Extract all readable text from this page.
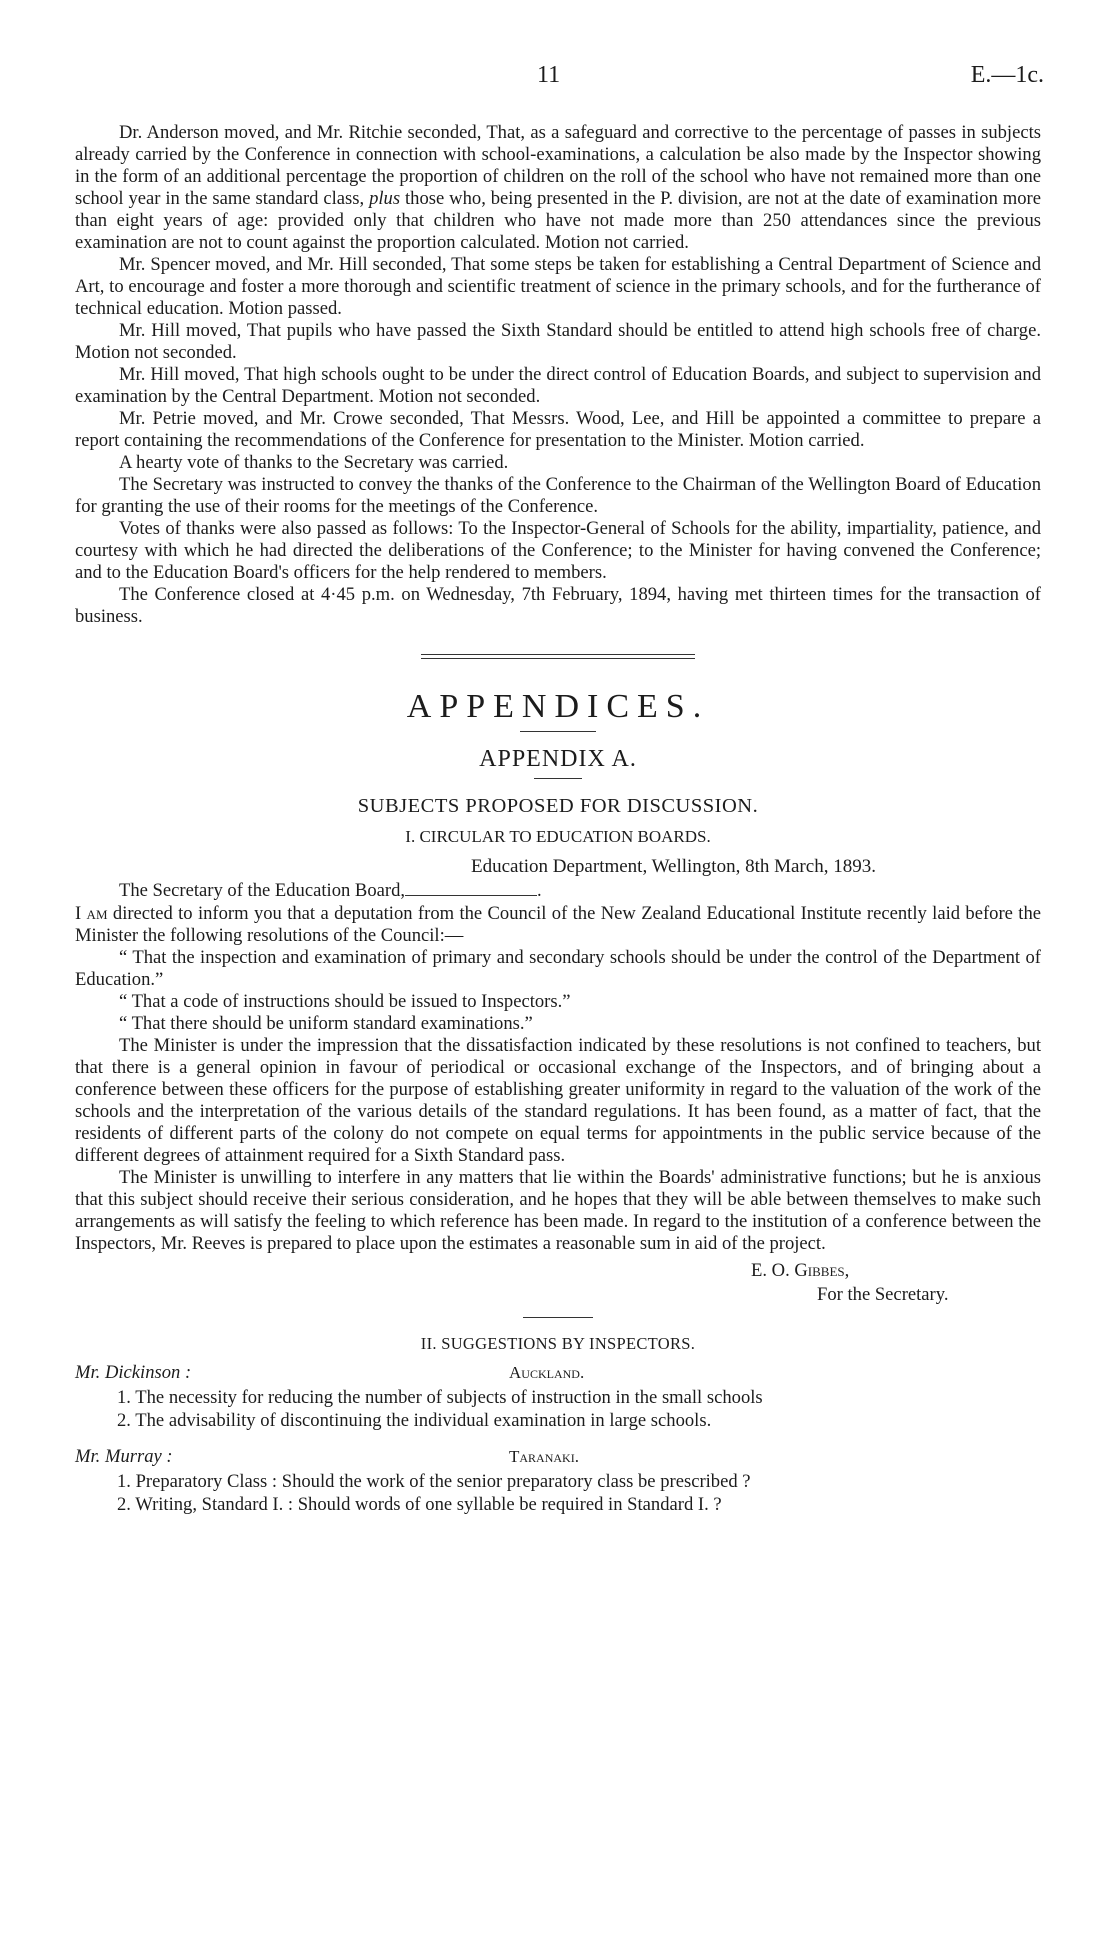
11	E.—1c.

Dr. Anderson moved, and Mr. Ritchie seconded, That, as a safeguard and corrective to the percentage of passes in subjects already carried by the Conference in connection with school-examinations, a calculation be also made by the Inspector showing in the form of an additional percentage the proportion of children on the roll of the school who have not remained more than one school year in the same standard class, plus those who, being presented in the P. division, are not at the date of examination more than eight years of age: provided only that children who have not made more than 250 attendances since the previous examination are not to count against the proportion calculated. Motion not carried.

Mr. Spencer moved, and Mr. Hill seconded, That some steps be taken for establishing a Central Department of Science and Art, to encourage and foster a more thorough and scientific treatment of science in the primary schools, and for the furtherance of technical education. Motion passed.

Mr. Hill moved, That pupils who have passed the Sixth Standard should be entitled to attend high schools free of charge. Motion not seconded.

Mr. Hill moved, That high schools ought to be under the direct control of Education Boards, and subject to supervision and examination by the Central Department. Motion not seconded.

Mr. Petrie moved, and Mr. Crowe seconded, That Messrs. Wood, Lee, and Hill be appointed a committee to prepare a report containing the recommendations of the Conference for presentation to the Minister. Motion carried.

A hearty vote of thanks to the Secretary was carried.

The Secretary was instructed to convey the thanks of the Conference to the Chairman of the Wellington Board of Education for granting the use of their rooms for the meetings of the Conference.

Votes of thanks were also passed as follows: To the Inspector-General of Schools for the ability, impartiality, patience, and courtesy with which he had directed the deliberations of the Conference; to the Minister for having convened the Conference; and to the Education Board's officers for the help rendered to members.

The Conference closed at 4·45 p.m. on Wednesday, 7th February, 1894, having met thirteen times for the transaction of business.

APPENDICES.
APPENDIX A.
SUBJECTS PROPOSED FOR DISCUSSION.
I. CIRCULAR TO EDUCATION BOARDS.
Education Department, Wellington, 8th March, 1893.
The Secretary of the Education Board,	.

I am directed to inform you that a deputation from the Council of the New Zealand Educational Institute recently laid before the Minister the following resolutions of the Council:—

“ That the inspection and examination of primary and secondary schools should be under the control of the Department of Education.”

“ That a code of instructions should be issued to Inspectors.”

“ That there should be uniform standard examinations.”

The Minister is under the impression that the dissatisfaction indicated by these resolutions is not confined to teachers, but that there is a general opinion in favour of periodical or occasional exchange of the Inspectors, and of bringing about a conference between these officers for the purpose of establishing greater uniformity in regard to the valuation of the work of the schools and the interpretation of the various details of the standard regulations. It has been found, as a matter of fact, that the residents of different parts of the colony do not compete on equal terms for appointments in the public service because of the different degrees of attainment required for a Sixth Standard pass.

The Minister is unwilling to interfere in any matters that lie within the Boards' administrative functions; but he is anxious that this subject should receive their serious consideration, and he hopes that they will be able between themselves to make such arrangements as will satisfy the feeling to which reference has been made. In regard to the institution of a conference between the Inspectors, Mr. Reeves is prepared to place upon the estimates a reasonable sum in aid of the project.

E. O. Gibbes,
For the Secretary.
II. SUGGESTIONS BY INSPECTORS.
Mr. Dickinson :	Auckland.
1. The necessity for reducing the number of subjects of instruction in the small schools
2. The advisability of discontinuing the individual examination in large schools.
Mr. Murray :	Taranaki.
1. Preparatory Class : Should the work of the senior preparatory class be prescribed ?
2. Writing, Standard I. : Should words of one syllable be required in Standard I. ?
